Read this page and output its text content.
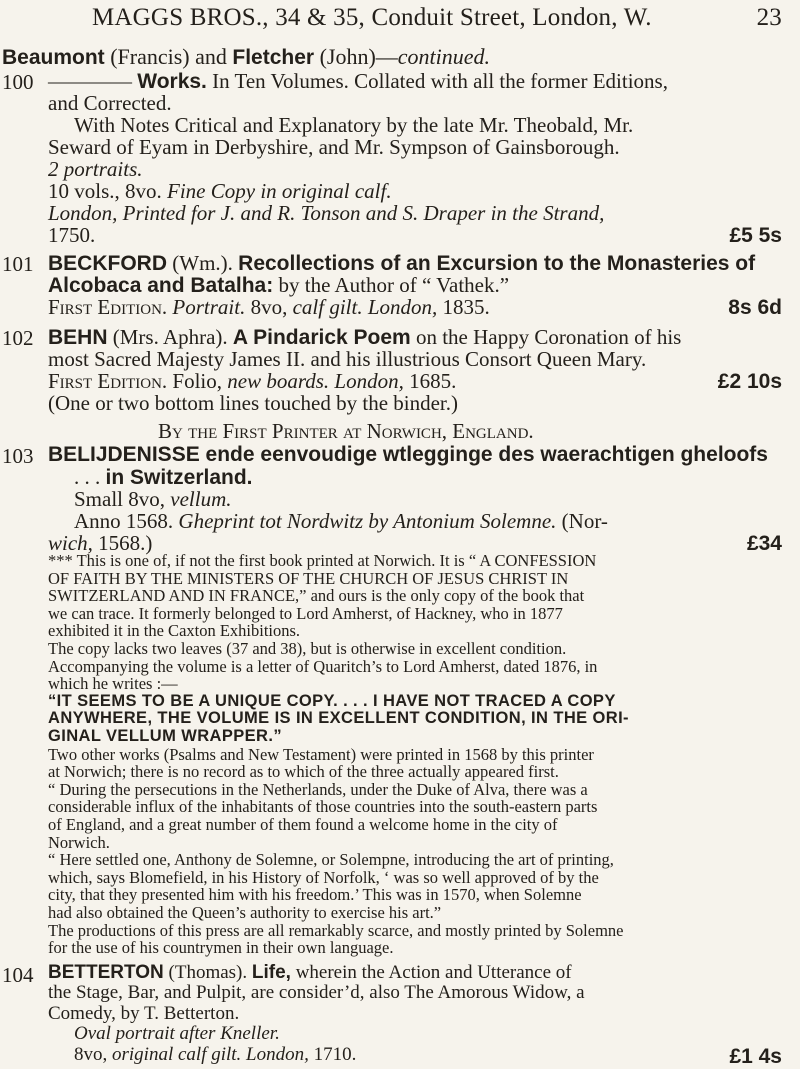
MAGGS BROS., 34 & 35, Conduit Street, London, W.	23
Beaumont (Francis) and Fletcher (John)—continued.
100 ———— Works. In Ten Volumes. Collated with all the former Editions,
and Corrected.
With Notes Critical and Explanatory by the late Mr. Theobald, Mr.
Seward of Eyam in Derbyshire, and Mr. Sympson of Gainsborough.
2 portraits.
10 vols., 8vo. Fine Copy in original calf.
London, Printed for J. and R. Tonson and S. Draper in the Strand,
1750.	£5 5s
101 BECKFORD (Wm.). Recollections of an Excursion to the Monasteries of
Alcobaca and Batalha: by the Author of “ Vathek.”
First Edition. Portrait. 8vo, calf gilt. London, 1835.	8s 6d
102 BEHN (Mrs. Aphra). A Pindarick Poem on the Happy Coronation of his
most Sacred Majesty James II. and his illustrious Consort Queen Mary.
First Edition. Folio, new boards. London, 1685.	£2 10s
(One or two bottom lines touched by the binder.)
By the First Printer at Norwich, England.
103 BELIJDENISSE ende eenvoudige wtlegginge des waerachtigen gheloofs
. . . in Switzerland.
Small 8vo, vellum.
Anno 1568. Gheprint tot Nordwitz by Antonium Solemne. (Nor-
wich, 1568.)	£34
*** This is one of, if not the first book printed at Norwich. It is “ A CONFESSION
OF FAITH BY THE MINISTERS OF THE CHURCH OF JESUS CHRIST IN
SWITZERLAND AND IN FRANCE,” and ours is the only copy of the book that
we can trace. It formerly belonged to Lord Amherst, of Hackney, who in 1877
exhibited it in the Caxton Exhibitions.
The copy lacks two leaves (37 and 38), but is otherwise in excellent condition.
Accompanying the volume is a letter of Quaritch’s to Lord Amherst, dated 1876, in
which he writes :—
“IT SEEMS TO BE A UNIQUE COPY. . . . I HAVE NOT TRACED A COPY
ANYWHERE, THE VOLUME IS IN EXCELLENT CONDITION, IN THE ORI-
GINAL VELLUM WRAPPER.”
Two other works (Psalms and New Testament) were printed in 1568 by this printer
at Norwich; there is no record as to which of the three actually appeared first.
“ During the persecutions in the Netherlands, under the Duke of Alva, there was a
considerable influx of the inhabitants of those countries into the south-eastern parts
of England, and a great number of them found a welcome home in the city of
Norwich.
“ Here settled one, Anthony de Solemne, or Solempne, introducing the art of printing,
which, says Blomefield, in his History of Norfolk, ‘ was so well approved of by the
city, that they presented him with his freedom.’ This was in 1570, when Solemne
had also obtained the Queen’s authority to exercise his art.”
The productions of this press are all remarkably scarce, and mostly printed by Solemne
for the use of his countrymen in their own language.
104 BETTERTON (Thomas). Life, wherein the Action and Utterance of
the Stage, Bar, and Pulpit, are consider’d, also The Amorous Widow, a
Comedy, by T. Betterton.
Oval portrait after Kneller.
8vo, original calf gilt. London, 1710.	£1 4s
